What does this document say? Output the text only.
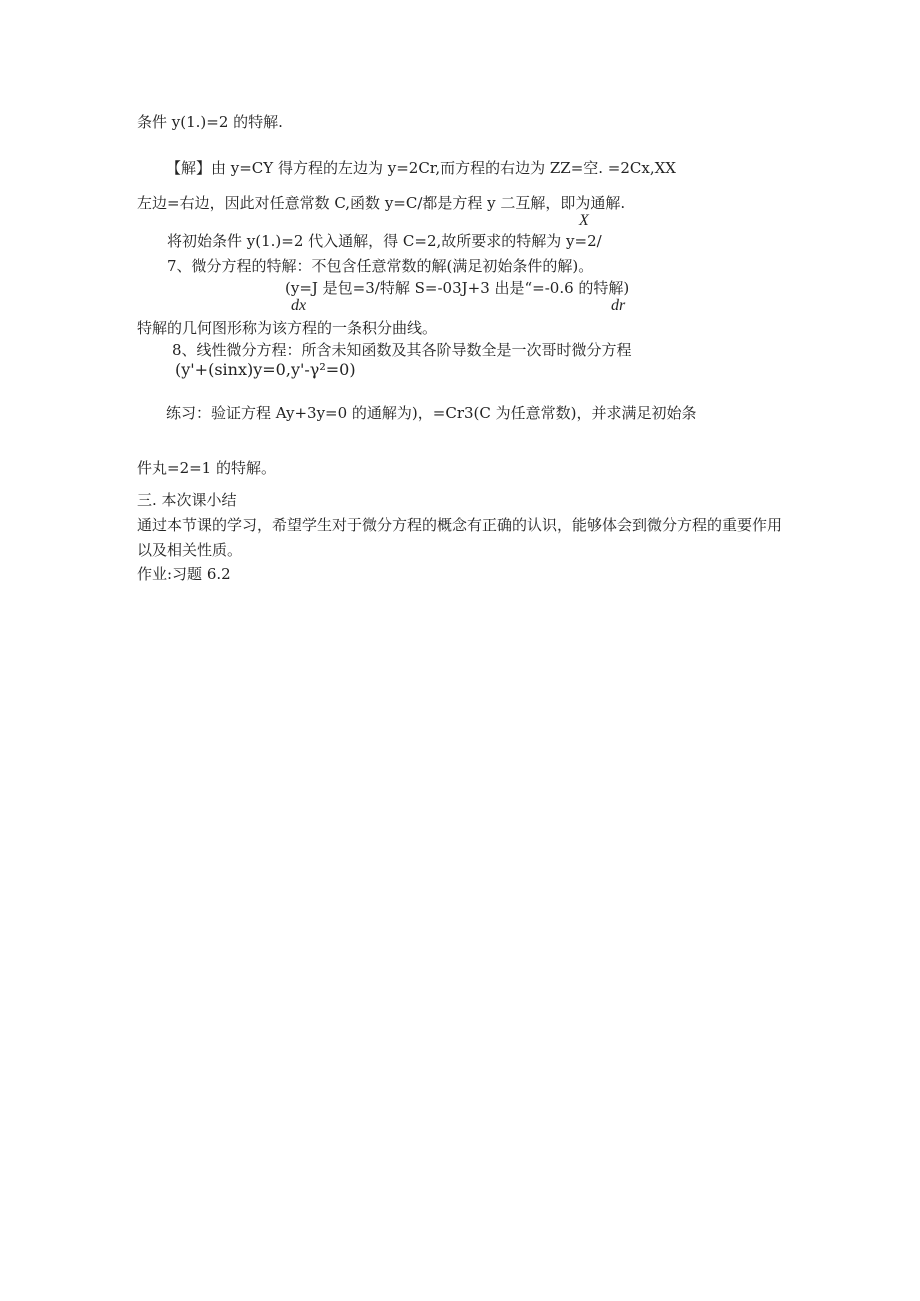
条件 y(1.)=2 的特解.
【解】由 y=CY 得方程的左边为 y=2Cr,而方程的右边为 ZZ=空. =2Cx,XX
左边=右边，因此对任意常数 C,函数 y=C∕都是方程 y 二互解，即为通解.
X
将初始条件 y(1.)=2 代入通解，得 C=2,故所要求的特解为 y=2/
7、微分方程的特解：不包含任意常数的解(满足初始条件的解)。
(y=J 是包=3/特解 S=-03J+3 出是“=-0.6 的特解)
dx	dr
特解的几何图形称为该方程的一条积分曲线。
8、线性微分方程：所含未知函数及其各阶导数全是一次哥时微分方程
(y'+(sinx)y=0,y'-γ²=0)
练习：验证方程 Ay+3y=0 的通解为)，=Cr3(C 为任意常数)，并求满足初始条
件丸=2=1 的特解。
三. 本次课小结
通过本节课的学习，希望学生对于微分方程的概念有正确的认识，能够体会到微分方程的重要作用
以及相关性质。
作业:习题 6.2
